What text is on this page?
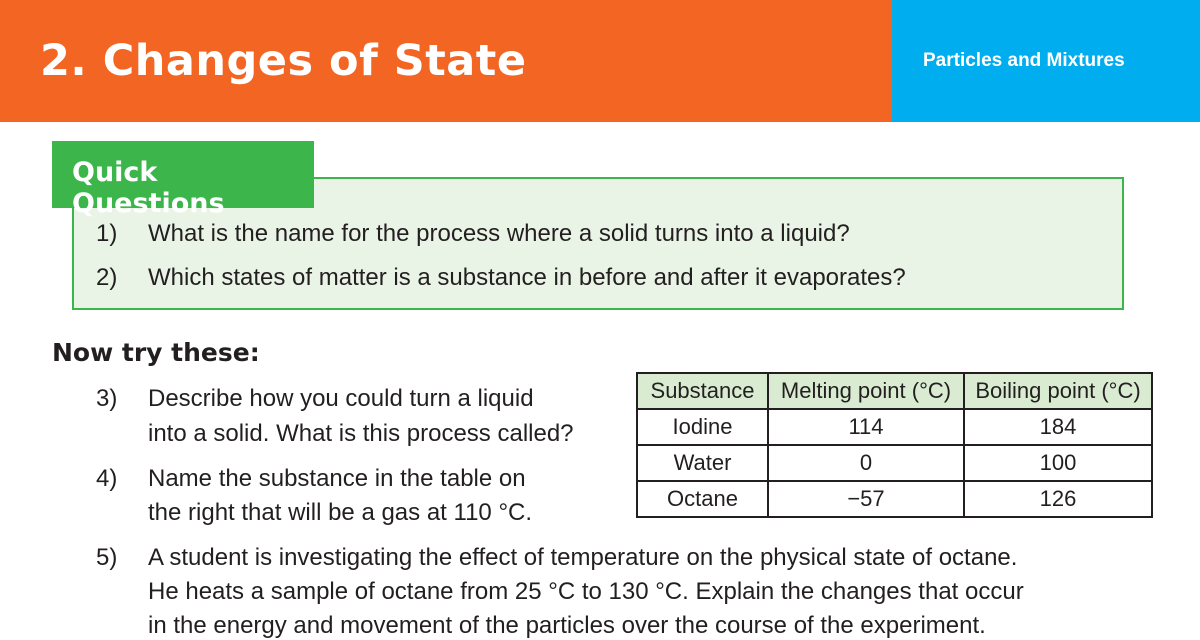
2. Changes of State	Particles and Mixtures
Quick Questions
1) What is the name for the process where a solid turns into a liquid?
2) Which states of matter is a substance in before and after it evaporates?
Now try these:
3) Describe how you could turn a liquid
into a solid. What is this process called?
4) Name the substance in the table on
the right that will be a gas at 110 °C.
5) A student is investigating the effect of temperature on the physical state of octane.
He heats a sample of octane from 25 °C to 130 °C. Explain the changes that occur
in the energy and movement of the particles over the course of the experiment.
Substance	Melting point (°C)	Boiling point (°C)
Iodine	114	184
Water	0	100
Octane	−57	126
